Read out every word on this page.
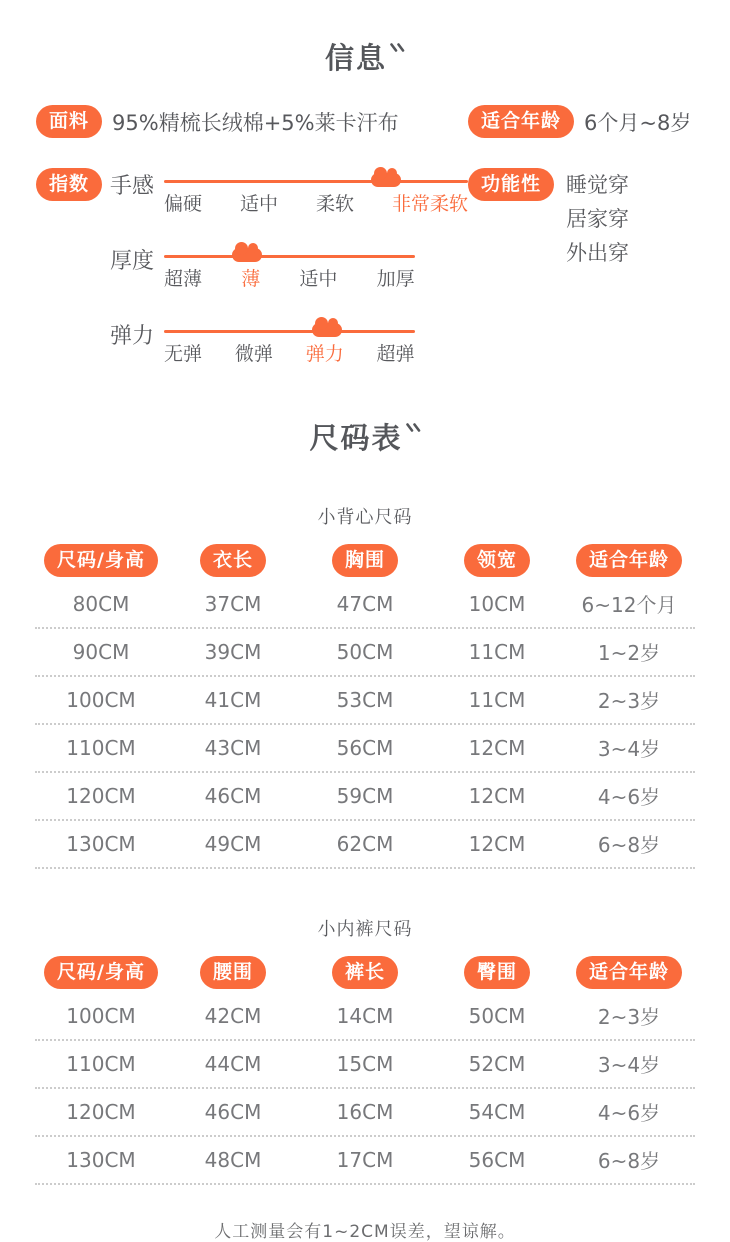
信息
面料	95%精梳长绒棉+5%莱卡汗布
指数 手感
偏硬 适中 柔软 非常柔软
厚度
超薄 薄 适中 加厚
弹力
无弹 微弹 弹力 超弹
适合年龄	6个月~8岁
功能性	睡觉穿
居家穿
外出穿
尺码表
小背心尺码
尺码/身高	衣长	胸围	领宽	适合年龄
80CM	37CM	47CM	10CM	6~12个月
90CM	39CM	50CM	11CM	1~2岁
100CM	41CM	53CM	11CM	2~3岁
110CM	43CM	56CM	12CM	3~4岁
120CM	46CM	59CM	12CM	4~6岁
130CM	49CM	62CM	12CM	6~8岁
小内裤尺码
尺码/身高	腰围	裤长	臀围	适合年龄
100CM	42CM	14CM	50CM	2~3岁
110CM	44CM	15CM	52CM	3~4岁
120CM	46CM	16CM	54CM	4~6岁
130CM	48CM	17CM	56CM	6~8岁
人工测量会有1~2CM误差，望谅解。
